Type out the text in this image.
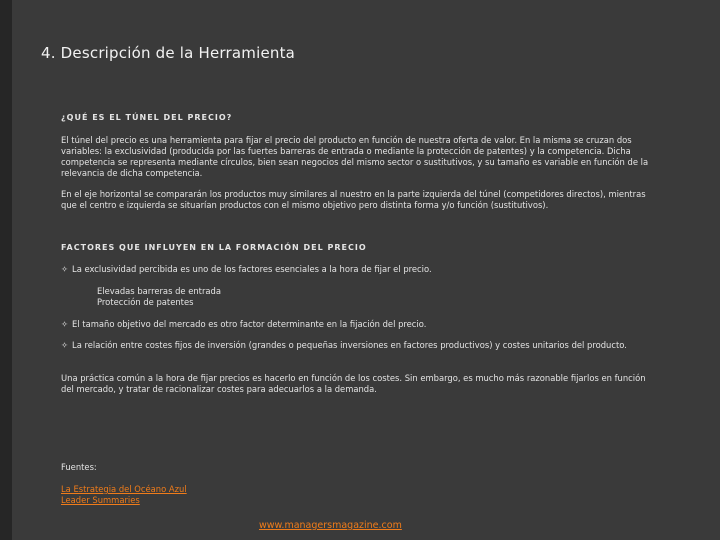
4. Descripción de la Herramienta
¿QUÉ ES EL TÚNEL DEL PRECIO?

El túnel del precio es una herramienta para fijar el precio del producto en función de nuestra oferta de valor. En la misma se cruzan dos variables: la exclusividad (producida por las fuertes barreras de entrada o mediante la protección de patentes) y la competencia. Dicha competencia se representa mediante círculos, bien sean negocios del mismo sector o sustitutivos, y su tamaño es variable en función de la relevancia de dicha competencia.

En el eje horizontal se compararán los productos muy similares al nuestro en la parte izquierda del túnel (competidores directos), mientras que el centro e izquierda se situarían productos con el mismo objetivo pero distinta forma y/o función (sustitutivos).

FACTORES QUE INFLUYEN EN LA FORMACIÓN DEL PRECIO
✧ La exclusividad percibida es uno de los factores esenciales a la hora de fijar el precio.
Elevadas barreras de entrada
Protección de patentes
✧ El tamaño objetivo del mercado es otro factor determinante en la fijación del precio.
✧ La relación entre costes fijos de inversión (grandes o pequeñas inversiones en factores productivos) y costes unitarios del producto.

Una práctica común a la hora de fijar precios es hacerlo en función de los costes. Sin embargo, es mucho más razonable fijarlos en función del mercado, y tratar de racionalizar costes para adecuarlos a la demanda.

Fuentes:
La Estrategia del Océano Azul
Leader Summaries
www.managersmagazine.com
